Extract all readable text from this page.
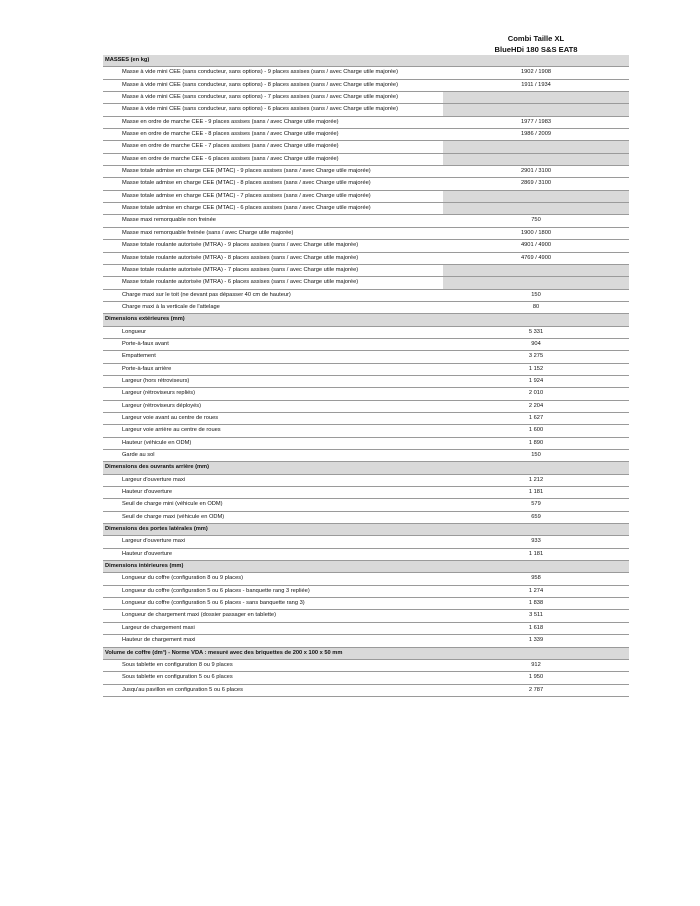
Combi Taille XL
BlueHDi 180 S&S EAT8
MASSES (en kg)
Masse à vide mini CEE (sans conducteur, sans options) - 9 places assises (sans / avec Charge utile majorée)	1902 / 1908
Masse à vide mini CEE (sans conducteur, sans options) - 8 places assises (sans / avec Charge utile majorée)	1911 / 1934
Masse à vide mini CEE (sans conducteur, sans options) - 7 places assises (sans / avec Charge utile majorée)
Masse à vide mini CEE (sans conducteur, sans options) - 6 places assises (sans / avec Charge utile majorée)
Masse en ordre de marche CEE - 9 places assises (sans / avec Charge utile majorée)	1977 / 1983
Masse en ordre de marche CEE - 8 places assises (sans / avec Charge utile majorée)	1986 / 2009
Masse en ordre de marche CEE - 7 places assises (sans / avec Charge utile majorée)
Masse en ordre de marche CEE - 6 places assises (sans / avec Charge utile majorée)
Masse totale admise en charge CEE (MTAC) - 9 places assises (sans / avec Charge utile majorée)	2901 / 3100
Masse totale admise en charge CEE (MTAC) - 8 places assises (sans / avec Charge utile majorée)	2869 / 3100
Masse totale admise en charge CEE (MTAC) - 7 places assises (sans / avec Charge utile majorée)
Masse totale admise en charge CEE (MTAC) - 6 places assises (sans / avec Charge utile majorée)
Masse maxi remorquable non freinée	750
Masse maxi remorquable freinée (sans / avec Charge utile majorée)	1900 / 1800
Masse totale roulante autorisée (MTRA) - 9 places assises (sans / avec Charge utile majorée)	4901 / 4900
Masse totale roulante autorisée (MTRA) - 8 places assises (sans / avec Charge utile majorée)	4769 / 4900
Masse totale roulante autorisée (MTRA) - 7 places assises (sans / avec Charge utile majorée)
Masse totale roulante autorisée (MTRA) - 6 places assises (sans / avec Charge utile majorée)
Charge maxi sur le toit (ne devant pas dépasser 40 cm de hauteur)	150
Charge maxi à la verticale de l'attelage	80
Dimensions extérieures (mm)
Longueur	5 331
Porte-à-faux avant	904
Empattement	3 275
Porte-à-faux arrière	1 152
Largeur (hors rétroviseurs)	1 924
Largeur (rétroviseurs repliés)	2 010
Largeur (rétroviseurs déployés)	2 204
Largeur voie avant au centre de roues	1 627
Largeur voie arrière au centre de roues	1 600
Hauteur (véhicule en ODM)	1 890
Garde au sol	150
Dimensions des ouvrants arrière (mm)
Largeur d'ouverture maxi	1 212
Hauteur d'ouverture	1 181
Seuil de charge mini (véhicule en ODM)	579
Seuil de charge maxi (véhicule en ODM)	659
Dimensions des portes latérales (mm)
Largeur d'ouverture maxi	933
Hauteur d'ouverture	1 181
Dimensions intérieures (mm)
Longueur du coffre (configuration 8 ou 9 places)	958
Longueur du coffre (configuration 5 ou 6 places - banquette rang 3 repliée)	1 274
Longueur du coffre (configuration 5 ou 6 places - sans banquette rang 3)	1 838
Longueur de chargement maxi (dossier passager en tablette)	3 511
Largeur de chargement maxi	1 618
Hauteur de chargement maxi	1 339
Volume de coffre (dm³) - Norme VDA : mesuré avec des briquettes de 200 x 100 x 50 mm
Sous tablette en configuration 8 ou 9 places	912
Sous tablette en configuration 5 ou 6 places	1 950
Jusqu'au pavillon en configuration 5 ou 6 places	2 787
